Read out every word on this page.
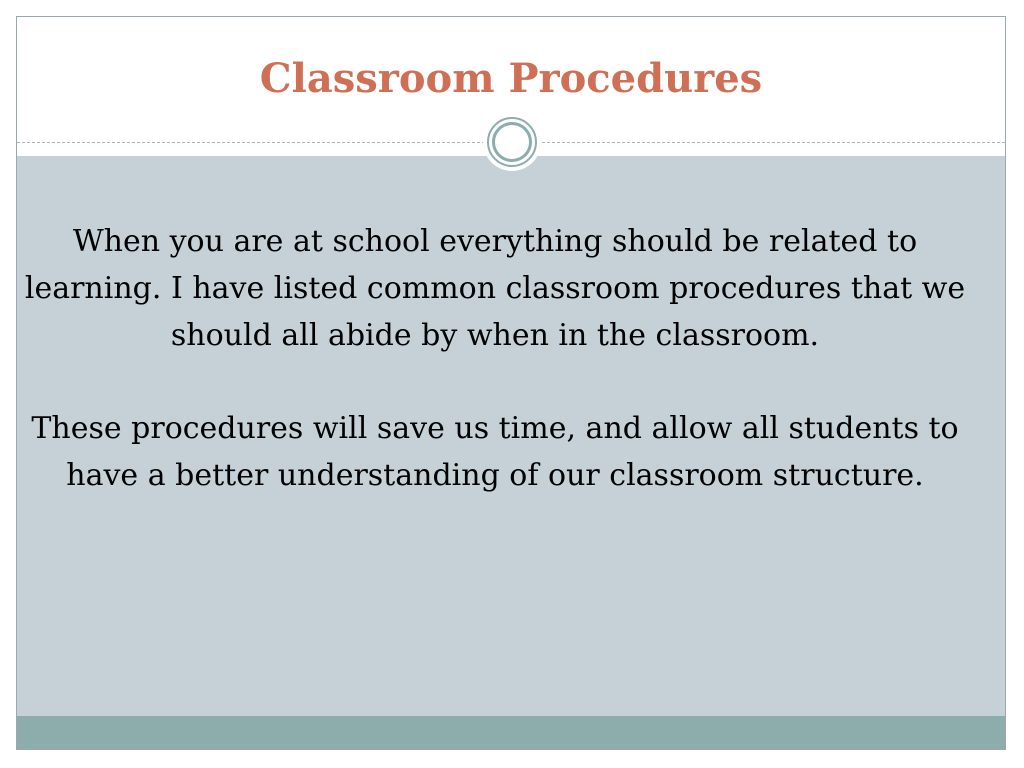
Classroom Procedures

When you are at school everything should be related to learning. I have listed common classroom procedures that we should all abide by when in the classroom.

These procedures will save us time, and allow all students to have a better understanding of our classroom structure.
